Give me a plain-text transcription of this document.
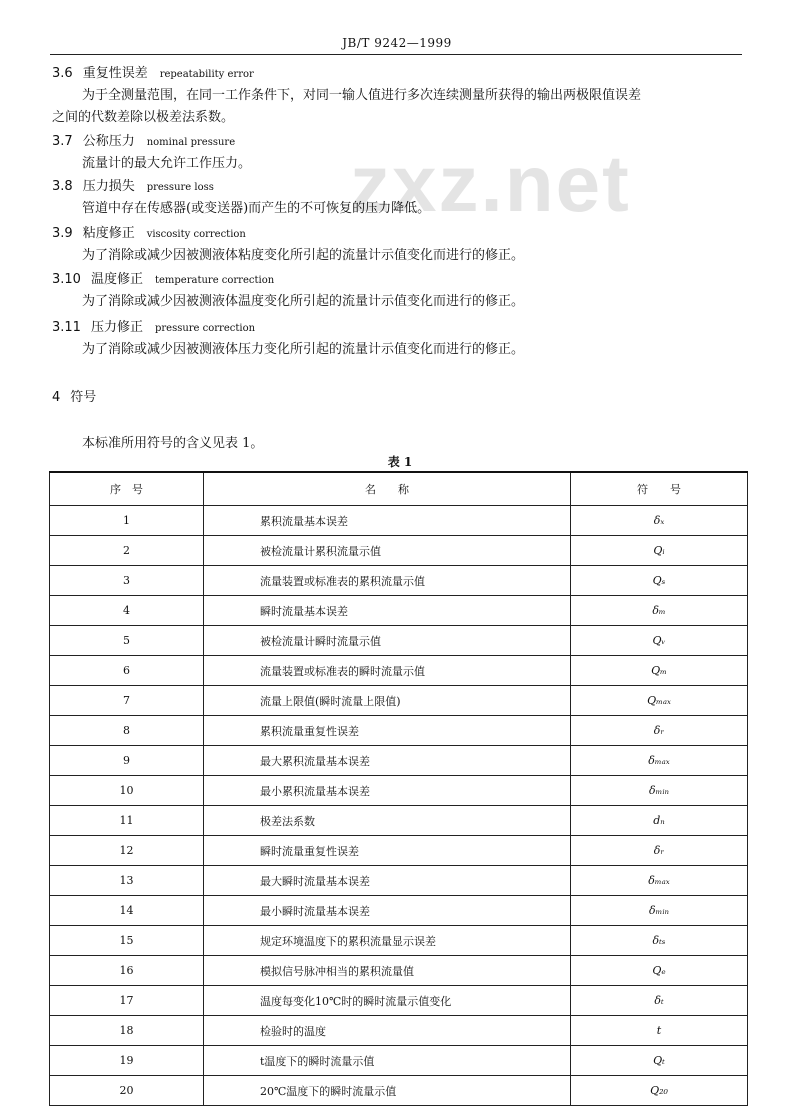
JB/T 9242—1999
zxz.net
3.6 重复性误差 repeatability error
为于全测量范围，在同一工作条件下，对同一输人值进行多次连续测量所获得的输出两极限值误差
之间的代数差除以极差法系数。
3.7 公称压力 nominal pressure
流量计的最大允许工作压力。
3.8 压力损失 pressure loss
管道中存在传感器(或变送器)而产生的不可恢复的压力降低。
3.9 粘度修正 viscosity correction
为了消除或减少因被测液体粘度变化所引起的流量计示值变化而进行的修正。
3.10 温度修正 temperature correction
为了消除或减少因被测液体温度变化所引起的流量计示值变化而进行的修正。
3.11 压力修正 pressure correction
为了消除或减少因被测液体压力变化所引起的流量计示值变化而进行的修正。
4 符号
本标准所用符号的含义见表 1。
表 1
序　号	名　　称	符　　号
1	累积流量基本误差	δₓ
2	被检流量计累积流量示值	Qᵢ
3	流量装置或标准表的累积流量示值	Qₛ
4	瞬时流量基本误差	δₘ
5	被检流量计瞬时流量示值	Qᵥ
6	流量装置或标准表的瞬时流量示值	Qₘ
7	流量上限值(瞬时流量上限值)	Qₘₐₓ
8	累积流量重复性误差	δᵣ
9	最大累积流量基本误差	δₘₐₓ
10	最小累积流量基本误差	δₘᵢₙ
11	极差法系数	dₙ
12	瞬时流量重复性误差	δᵣ
13	最大瞬时流量基本误差	δₘₐₓ
14	最小瞬时流量基本误差	δₘᵢₙ
15	规定环境温度下的累积流量显示误差	δₜₛ
16	模拟信号脉冲相当的累积流量值	Qₑ
17	温度每变化10℃时的瞬时流量示值变化	δₜ
18	检验时的温度	t
19	t温度下的瞬时流量示值	Qₜ
20	20℃温度下的瞬时流量示值	Q₂₀
